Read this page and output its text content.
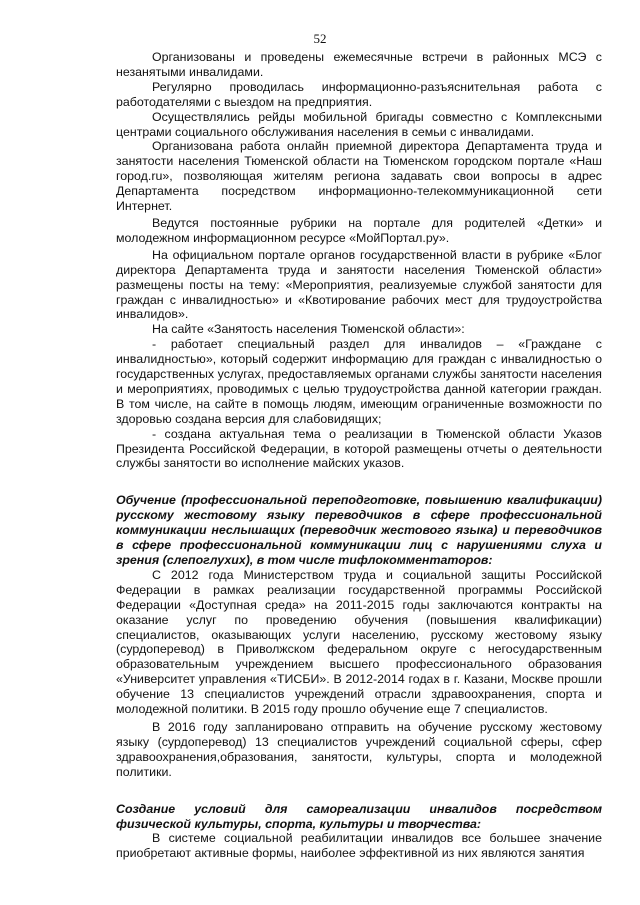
52

Организованы и проведены ежемесячные встречи в районных МСЭ с незанятыми инвалидами.

Регулярно проводилась информационно-разъяснительная работа с работодателями с выездом на предприятия.

Осуществлялись рейды мобильной бригады совместно с Комплексными центрами социального обслуживания населения в семьи с инвалидами.

Организована работа онлайн приемной директора Департамента труда и занятости населения Тюменской области на Тюменском городском портале «Наш город.ru», позволяющая жителям региона задавать свои вопросы в адрес Департамента посредством информационно-телекоммуникационной сети Интернет.

Ведутся постоянные рубрики на портале для родителей «Детки» и молодежном информационном ресурсе «МойПортал.ру».

На официальном портале органов государственной власти в рубрике «Блог директора Департамента труда и занятости населения Тюменской области» размещены посты на тему: «Мероприятия, реализуемые службой занятости для граждан с инвалидностью» и «Квотирование рабочих мест для трудоустройства инвалидов».

На сайте «Занятость населения Тюменской области»:

- работает специальный раздел для инвалидов – «Граждане с инвалидностью», который содержит информацию для граждан с инвалидностью о государственных услугах, предоставляемых органами службы занятости населения и мероприятиях, проводимых с целью трудоустройства данной категории граждан. В том числе, на сайте в помощь людям, имеющим ограниченные возможности по здоровью создана версия для слабовидящих;

- создана актуальная тема о реализации в Тюменской области Указов Президента Российской Федерации, в которой размещены отчеты о деятельности службы занятости во исполнение майских указов.

Обучение (профессиональной переподготовке, повышению квалификации) русскому жестовому языку переводчиков в сфере профессиональной коммуникации неслышащих (переводчик жестового языка) и переводчиков в сфере профессиональной коммуникации лиц с нарушениями слуха и зрения (слепоглухих), в том числе тифлокомментаторов:

С 2012 года Министерством труда и социальной защиты Российской Федерации в рамках реализации государственной программы Российской Федерации «Доступная среда» на 2011-2015 годы заключаются контракты на оказание услуг по проведению обучения (повышения квалификации) специалистов, оказывающих услуги населению, русскому жестовому языку (сурдоперевод) в Приволжском федеральном округе с негосударственным образовательным учреждением высшего профессионального образования «Университет управления «ТИСБИ». В 2012-2014 годах в г. Казани, Москве прошли обучение 13 специалистов учреждений отрасли здравоохранения, спорта и молодежной политики. В 2015 году прошло обучение еще 7 специалистов.

В 2016 году запланировано отправить на обучение русскому жестовому языку (сурдоперевод) 13 специалистов учреждений социальной сферы, сфер здравоохранения,образования, занятости, культуры, спорта и молодежной политики.

Создание условий для самореализации инвалидов посредством физической культуры, спорта, культуры и творчества:

В системе социальной реабилитации инвалидов все большее значение приобретают активные формы, наиболее эффективной из них являются занятия
